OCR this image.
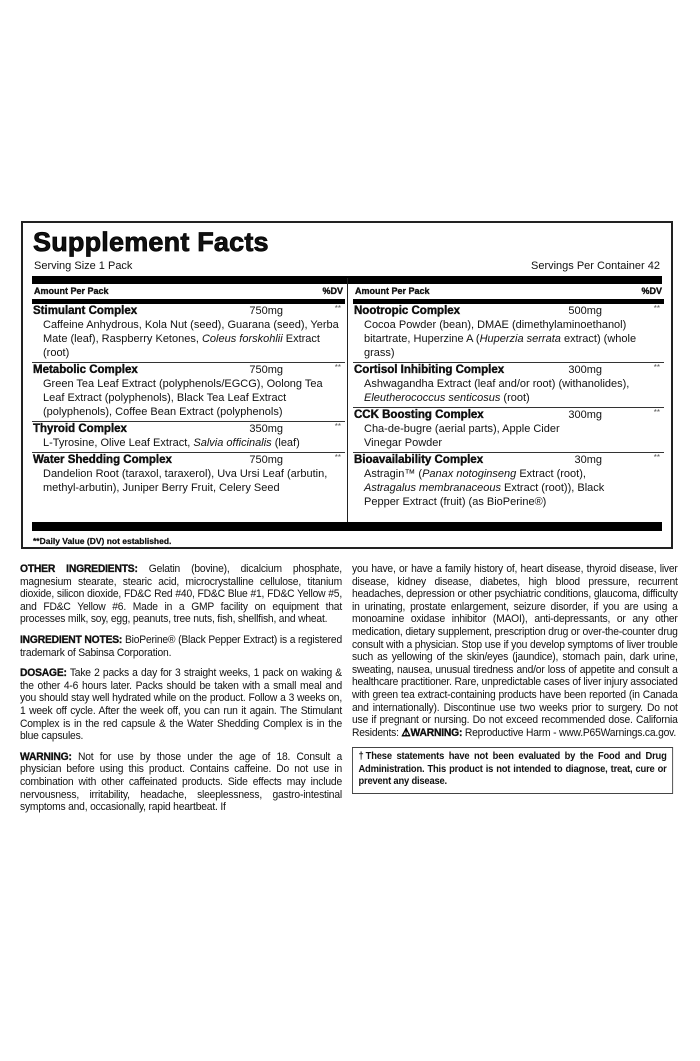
Supplement Facts
Serving Size 1 Pack	Servings Per Container 42
Amount Per Pack	%DV
Stimulant Complex	750mg	**
Caffeine Anhydrous, Kola Nut (seed), Guarana (seed), Yerba Mate (leaf), Raspberry Ketones, Coleus forskohlii Extract (root)
Metabolic Complex	750mg	**
Green Tea Leaf Extract (polyphenols/EGCG), Oolong Tea Leaf Extract (polyphenols), Black Tea Leaf Extract (polyphenols), Coffee Bean Extract (polyphenols)
Thyroid Complex	350mg	**
L-Tyrosine, Olive Leaf Extract, Salvia officinalis (leaf)
Water Shedding Complex	750mg	**
Dandelion Root (taraxol, taraxerol), Uva Ursi Leaf (arbutin, methyl-arbutin), Juniper Berry Fruit, Celery Seed
Amount Per Pack	%DV
Nootropic Complex	500mg	**
Cocoa Powder (bean), DMAE (dimethylaminoethanol) bitartrate, Huperzine A (Huperzia serrata extract) (whole grass)
Cortisol Inhibiting Complex	300mg	**
Ashwagandha Extract (leaf and/or root) (withanolides), Eleutherococcus senticosus (root)
CCK Boosting Complex	300mg	**
Cha-de-bugre (aerial parts), Apple Cider Vinegar Powder
Bioavailability Complex	30mg	**
Astragin™ (Panax notoginseng Extract (root), Astragalus membranaceous Extract (root)), Black Pepper Extract (fruit) (as BioPerine®)
**Daily Value (DV) not established.

OTHER INGREDIENTS: Gelatin (bovine), dicalcium phosphate, magnesium stearate, stearic acid, microcrystalline cellulose, titanium dioxide, silicon dioxide, FD&C Red #40, FD&C Blue #1, FD&C Yellow #5, and FD&C Yellow #6. Made in a GMP facility on equipment that processes milk, soy, egg, peanuts, tree nuts, fish, shellfish, and wheat.

INGREDIENT NOTES: BioPerine® (Black Pepper Extract) is a registered trademark of Sabinsa Corporation.

DOSAGE: Take 2 packs a day for 3 straight weeks, 1 pack on waking & the other 4-6 hours later. Packs should be taken with a small meal and you should stay well hydrated while on the product. Follow a 3 weeks on, 1 week off cycle. After the week off, you can run it again. The Stimulant Complex is in the red capsule & the Water Shedding Complex is in the blue capsules.

WARNING: Not for use by those under the age of 18. Consult a physician before using this product. Contains caffeine. Do not use in combination with other caffeinated products. Side effects may include nervousness, irritability, headache, sleeplessness, gastro-intestinal symptoms and, occasionally, rapid heartbeat. If

you have, or have a family history of, heart disease, thyroid disease, liver disease, kidney disease, diabetes, high blood pressure, recurrent headaches, depression or other psychiatric conditions, glaucoma, difficulty in urinating, prostate enlargement, seizure disorder, if you are using a monoamine oxidase inhibitor (MAOI), anti-depressants, or any other medication, dietary supplement, prescription drug or over-the-counter drug consult with a physician. Stop use if you develop symptoms of liver trouble such as yellowing of the skin/eyes (jaundice), stomach pain, dark urine, sweating, nausea, unusual tiredness and/or loss of appetite and consult a healthcare practitioner. Rare, unpredictable cases of liver injury associated with green tea extract-containing products have been reported (in Canada and internationally). Discontinue use two weeks prior to surgery. Do not use if pregnant or nursing. Do not exceed recommended dose. California Residents: ⚠WARNING: Reproductive Harm - www.P65Warnings.ca.gov.

†These statements have not been evaluated by the Food and Drug Administration. This product is not intended to diagnose, treat, cure or prevent any disease.
